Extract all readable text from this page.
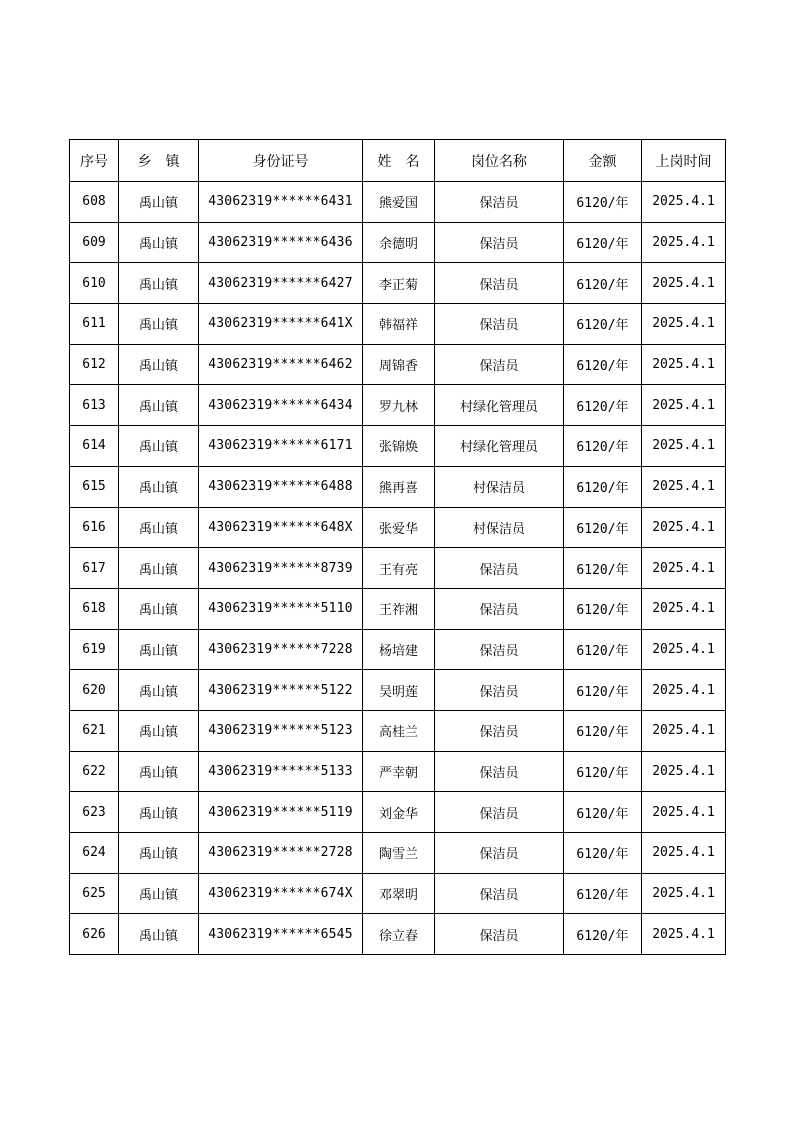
序号	乡　镇	身份证号	姓　名	岗位名称	金额	上岗时间
608	禹山镇	43062319******6431	熊爱国	保洁员	6120/年	2025.4.1
609	禹山镇	43062319******6436	余德明	保洁员	6120/年	2025.4.1
610	禹山镇	43062319******6427	李正菊	保洁员	6120/年	2025.4.1
611	禹山镇	43062319******641X	韩福祥	保洁员	6120/年	2025.4.1
612	禹山镇	43062319******6462	周锦香	保洁员	6120/年	2025.4.1
613	禹山镇	43062319******6434	罗九林	村绿化管理员	6120/年	2025.4.1
614	禹山镇	43062319******6171	张锦焕	村绿化管理员	6120/年	2025.4.1
615	禹山镇	43062319******6488	熊再喜	村保洁员	6120/年	2025.4.1
616	禹山镇	43062319******648X	张爱华	村保洁员	6120/年	2025.4.1
617	禹山镇	43062319******8739	王有亮	保洁员	6120/年	2025.4.1
618	禹山镇	43062319******5110	王祚湘	保洁员	6120/年	2025.4.1
619	禹山镇	43062319******7228	杨培建	保洁员	6120/年	2025.4.1
620	禹山镇	43062319******5122	吴明莲	保洁员	6120/年	2025.4.1
621	禹山镇	43062319******5123	高桂兰	保洁员	6120/年	2025.4.1
622	禹山镇	43062319******5133	严幸朝	保洁员	6120/年	2025.4.1
623	禹山镇	43062319******5119	刘金华	保洁员	6120/年	2025.4.1
624	禹山镇	43062319******2728	陶雪兰	保洁员	6120/年	2025.4.1
625	禹山镇	43062319******674X	邓翠明	保洁员	6120/年	2025.4.1
626	禹山镇	43062319******6545	徐立春	保洁员	6120/年	2025.4.1
